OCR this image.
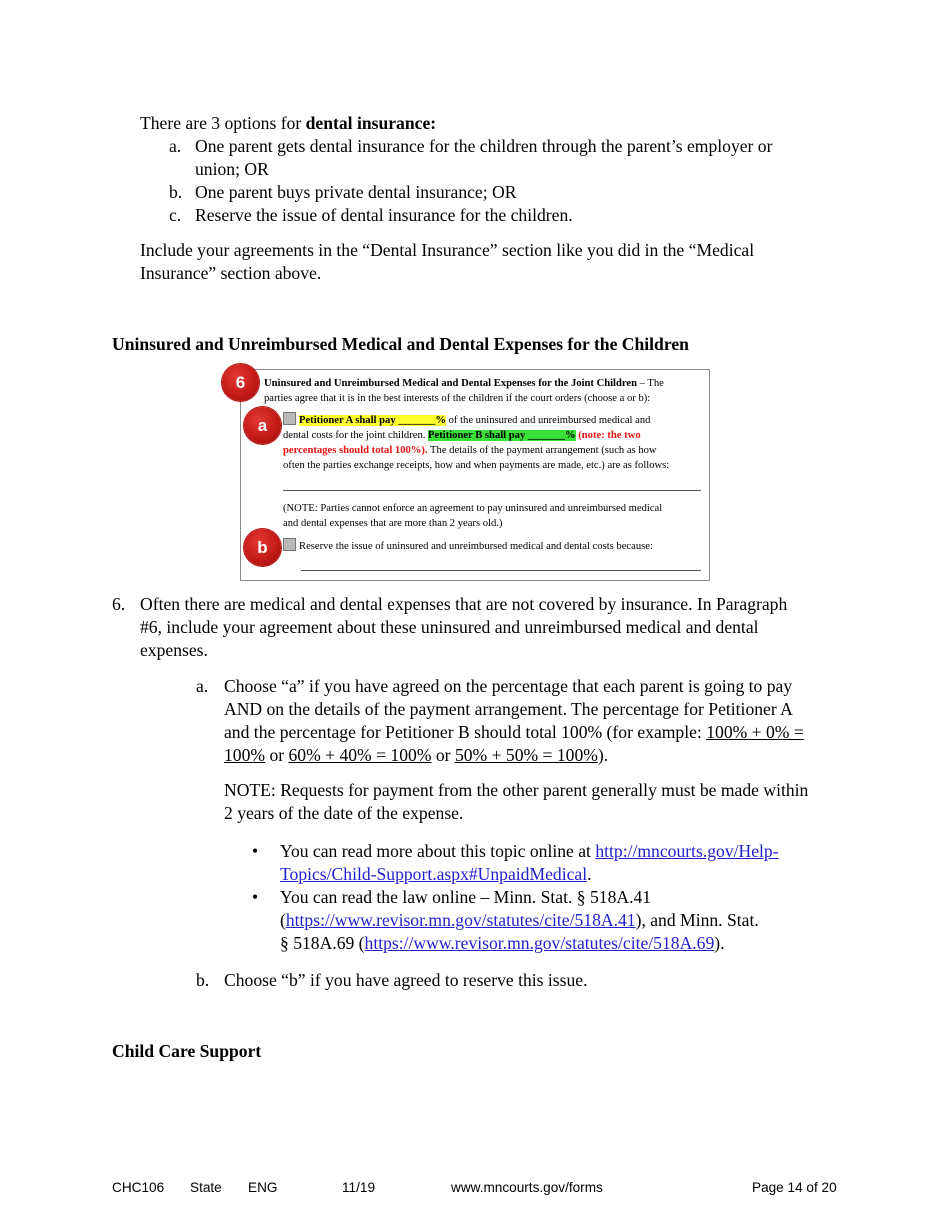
There are 3 options for dental insurance:
a. One parent gets dental insurance for the children through the parent’s employer or
union; OR
b. One parent buys private dental insurance; OR
c. Reserve the issue of dental insurance for the children.
Include your agreements in the “Dental Insurance” section like you did in the “Medical
Insurance” section above.
Uninsured and Unreimbursed Medical and Dental Expenses for the Children
Uninsured and Unreimbursed Medical and Dental Expenses for the Joint Children – The
parties agree that it is in the best interests of the children if the court orders (choose a or b):
Petitioner A shall pay _______% of the uninsured and unreimbursed medical and
dental costs for the joint children. Petitioner B shall pay _______% (note: the two
percentages should total 100%). The details of the payment arrangement (such as how
often the parties exchange receipts, how and when payments are made, etc.) are as follows:
(NOTE: Parties cannot enforce an agreement to pay uninsured and unreimbursed medical
and dental expenses that are more than 2 years old.)
Reserve the issue of uninsured and unreimbursed medical and dental costs because:
6
a
b
6. Often there are medical and dental expenses that are not covered by insurance. In Paragraph
#6, include your agreement about these uninsured and unreimbursed medical and dental
expenses.
a. Choose “a” if you have agreed on the percentage that each parent is going to pay
AND on the details of the payment arrangement. The percentage for Petitioner A
and the percentage for Petitioner B should total 100% (for example: 100% + 0% =
100% or 60% + 40% = 100% or 50% + 50% = 100%).
NOTE: Requests for payment from the other parent generally must be made within
2 years of the date of the expense.
• You can read more about this topic online at http://mncourts.gov/Help-
Topics/Child-Support.aspx#UnpaidMedical.
• You can read the law online – Minn. Stat. § 518A.41
(https://www.revisor.mn.gov/statutes/cite/518A.41), and Minn. Stat.
§ 518A.69 (https://www.revisor.mn.gov/statutes/cite/518A.69).
b. Choose “b” if you have agreed to reserve this issue.
Child Care Support
CHC106 State ENG	11/19	www.mncourts.gov/forms	Page 14 of 20
